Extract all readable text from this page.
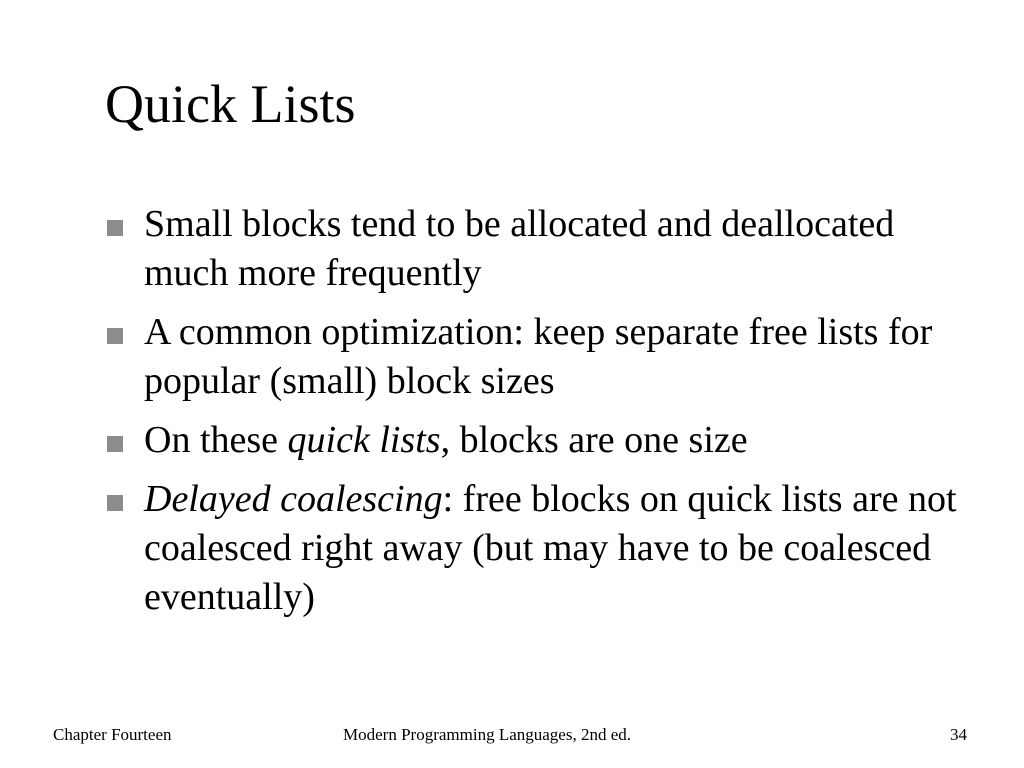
Quick Lists
Small blocks tend to be allocated and deallocated much more frequently
A common optimization: keep separate free lists for popular (small) block sizes
On these quick lists, blocks are one size
Delayed coalescing: free blocks on quick lists are not coalesced right away (but may have to be coalesced eventually)
Chapter Fourteen	Modern Programming Languages, 2nd ed.	34
